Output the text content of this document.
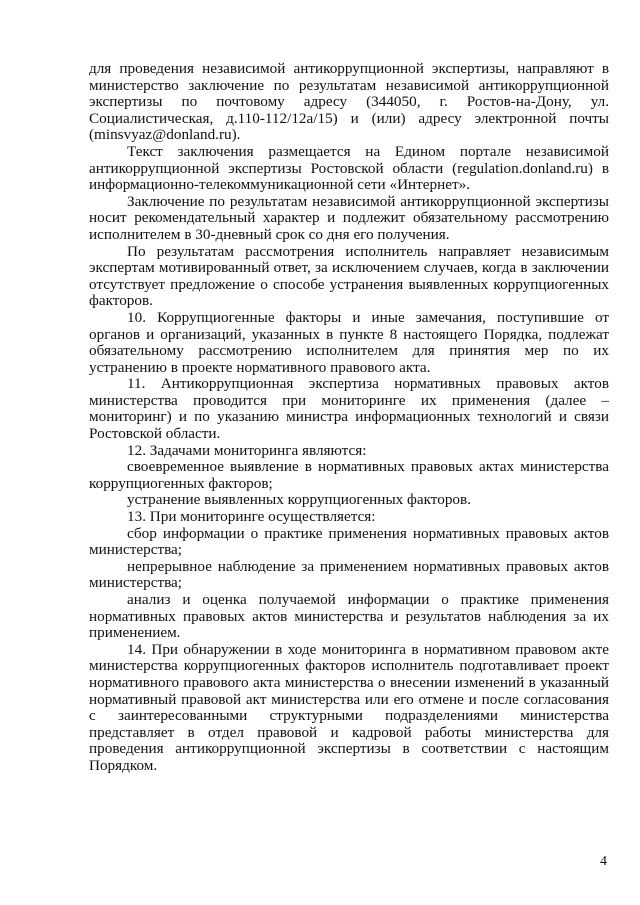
для проведения независимой антикоррупционной экспертизы, направляют в министерство заключение по результатам независимой антикоррупционной экспертизы по почтовому адресу (344050, г. Ростов-на-Дону, ул. Социалистическая, д.110-112/12а/15) и (или) адресу электронной почты (minsvyaz@donland.ru).

Текст заключения размещается на Едином портале независимой антикоррупционной экспертизы Ростовской области (regulation.donland.ru) в информационно-телекоммуникационной сети «Интернет».

Заключение по результатам независимой антикоррупционной экспертизы носит рекомендательный характер и подлежит обязательному рассмотрению исполнителем в 30-дневный срок со дня его получения.

По результатам рассмотрения исполнитель направляет независимым экспертам мотивированный ответ, за исключением случаев, когда в заключении отсутствует предложение о способе устранения выявленных коррупциогенных факторов.

10. Коррупциогенные факторы и иные замечания, поступившие от органов и организаций, указанных в пункте 8 настоящего Порядка, подлежат обязательному рассмотрению исполнителем для принятия мер по их устранению в проекте нормативного правового акта.

11. Антикоррупционная экспертиза нормативных правовых актов министерства проводится при мониторинге их применения (далее – мониторинг) и по указанию министра информационных технологий и связи Ростовской области.

12. Задачами мониторинга являются:

своевременное выявление в нормативных правовых актах министерства коррупциогенных факторов;

устранение выявленных коррупциогенных факторов.

13. При мониторинге осуществляется:

сбор информации о практике применения нормативных правовых актов министерства;

непрерывное наблюдение за применением нормативных правовых актов министерства;

анализ и оценка получаемой информации о практике применения нормативных правовых актов министерства и результатов наблюдения за их применением.

14. При обнаружении в ходе мониторинга в нормативном правовом акте министерства коррупциогенных факторов исполнитель подготавливает проект нормативного правового акта министерства о внесении изменений в указанный нормативный правовой акт министерства или его отмене и после согласования с заинтересованными структурными подразделениями министерства представляет в отдел правовой и кадровой работы министерства для проведения антикоррупционной экспертизы в соответствии с настоящим Порядком.

4
